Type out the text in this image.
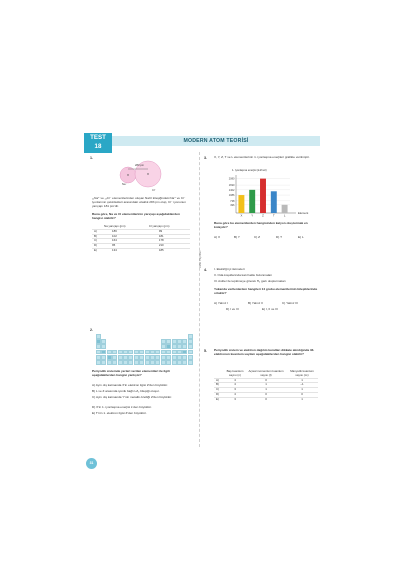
TEST
18
MODERN ATOM TEORİSİ
Zafer Yayınları
1.
283 pm
Na⁺
Cl⁻
₁₁Na⁺ ve ₁₇Cl⁻ elementlerinden oluşan NaCl kileşiğindeki Na⁺ ve Cl⁻ iyonlarının çekirdekleri arasındaki uzaklık 283 pm olup, Cl⁻ iyonunun yarıçapı 181 pm'dir.
Buna göre, Na ve Cl elementlerinin yarıçapı aşağıdakilerden hangisi olabilir?
	Na yarıçapı (pm)	Cl yarıçapı (pm)
A)	186	99
B)	102	181
C)	164	178
D)	95	210
E)	134	185
2.
Periyodik sistemde yerleri verilen elementleri ile ilgili aşağıdakilerden hangisi yanlıştır?
A) Aynı dış katmanda X'in elektron ilgisi Z'den büyüktür.
B) L ve Z arasında iyonik bağlı LZ₂ bileşiği oluşur.
C) Aynı dış katmanda Y'nin metalik özelliği Z'den büyüktür.
D) X'in 1. iyonlaşma enerjisi L'den büyüktür.
E) T'nin 1. elektron ilgisi Z'den büyüktür.
3. X, Y, Z, T ve L elementlerinin 1. iyonlaşma enerjileri grafikte verilmiştir.
1. iyonlaşma enerjisi (kJ/mol)
2080
1690
1402
1086
738
496
X	Y	Z	T	L
Element
Buna göre bu elementlerden hangisinden katyon oluşturmak en kolaydır?
A) X	B) Y	C) Z	D) T	E) L
4. I. Elektriği iyi iletmeleri
II. Oda koşullarında katı halde bulunmaları
III. Asitler ile tepkimeye girerek H₂ gazı oluşturmaları
Yukarıda verilenlerden hangileri 14 grubu elementlerinin bileşiklerinde ortaktır?
A) Yalnız I	B) Yalnız II	C) Yalnız III
D) I ve III	E) I, II ve III
5. Periyodik sistem ve elektron dağılım kuralları dikkate alındığında 33. elektronun kuantum sayıları aşağıdakilerden hangisi olabilir?
	Baş kuantum sayısı (n)	Açısal momentum kuantum sayısı (ℓ)	Manyetik kuantum sayısı (mₗ)
A)	4	0	1
B)	4	1	−1
C)	3	1	1
D)	4	0	0
E)	3	0	1
31
